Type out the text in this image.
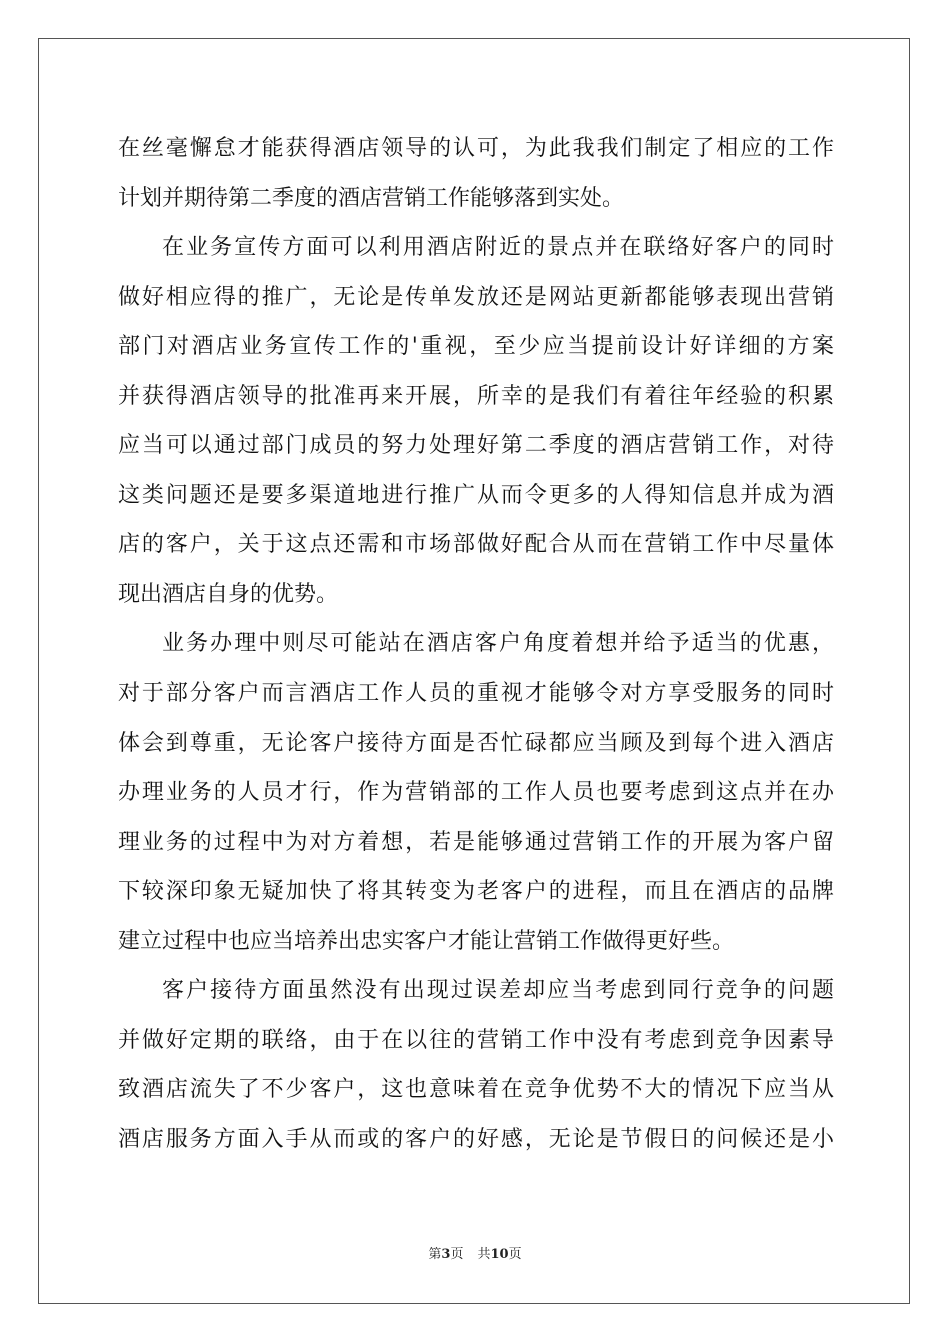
在丝毫懈怠才能获得酒店领导的认可，为此我我们制定了相应的工作
计划并期待第二季度的酒店营销工作能够落到实处。
在业务宣传方面可以利用酒店附近的景点并在联络好客户的同时
做好相应得的推广，无论是传单发放还是网站更新都能够表现出营销
部门对酒店业务宣传工作的'重视，至少应当提前设计好详细的方案
并获得酒店领导的批准再来开展，所幸的是我们有着往年经验的积累
应当可以通过部门成员的努力处理好第二季度的酒店营销工作，对待
这类问题还是要多渠道地进行推广从而令更多的人得知信息并成为酒
店的客户，关于这点还需和市场部做好配合从而在营销工作中尽量体
现出酒店自身的优势。
业务办理中则尽可能站在酒店客户角度着想并给予适当的优惠，
对于部分客户而言酒店工作人员的重视才能够令对方享受服务的同时
体会到尊重，无论客户接待方面是否忙碌都应当顾及到每个进入酒店
办理业务的人员才行，作为营销部的工作人员也要考虑到这点并在办
理业务的过程中为对方着想，若是能够通过营销工作的开展为客户留
下较深印象无疑加快了将其转变为老客户的进程，而且在酒店的品牌
建立过程中也应当培养出忠实客户才能让营销工作做得更好些。
客户接待方面虽然没有出现过误差却应当考虑到同行竞争的问题
并做好定期的联络，由于在以往的营销工作中没有考虑到竞争因素导
致酒店流失了不少客户，这也意味着在竞争优势不大的情况下应当从
酒店服务方面入手从而或的客户的好感，无论是节假日的问候还是小
第3页 共10页
